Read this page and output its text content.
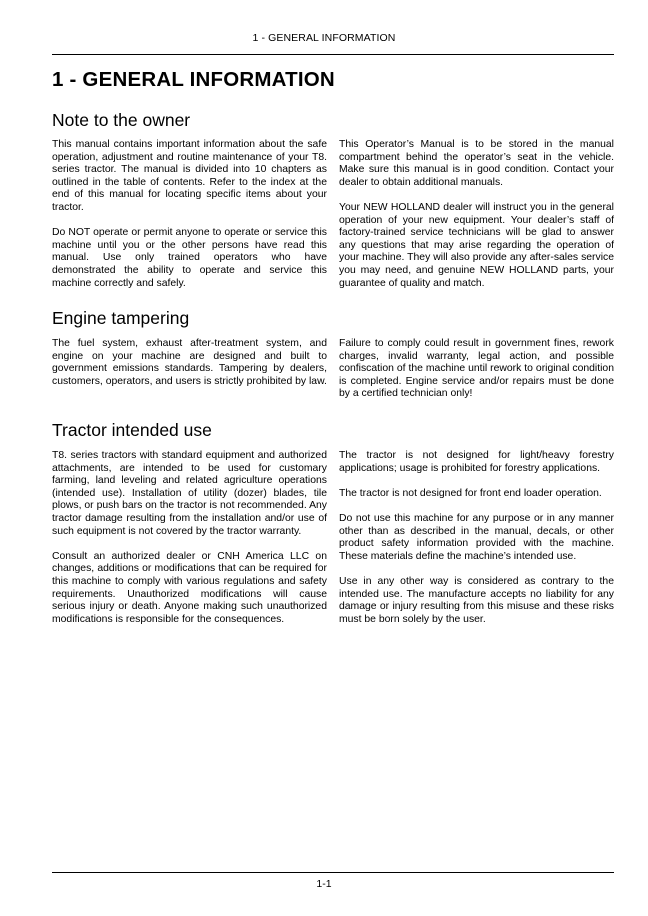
1 - GENERAL INFORMATION
1 - GENERAL INFORMATION
Note to the owner

This manual contains important information about the safe operation, adjustment and routine maintenance of your T8. series tractor. The manual is divided into 10 chapters as outlined in the table of contents. Refer to the index at the end of this manual for locating specific items about your tractor.

Do NOT operate or permit anyone to operate or service this machine until you or the other persons have read this manual. Use only trained operators who have demonstrated the ability to operate and service this machine correctly and safely.

This Operator’s Manual is to be stored in the manual compartment behind the operator’s seat in the vehicle. Make sure this manual is in good condition. Contact your dealer to obtain additional manuals.

Your NEW HOLLAND dealer will instruct you in the general operation of your new equipment. Your dealer’s staff of factory-trained service technicians will be glad to answer any questions that may arise regarding the operation of your machine. They will also provide any after-sales service you may need, and genuine NEW HOLLAND parts, your guarantee of quality and match.

Engine tampering

The fuel system, exhaust after-treatment system, and engine on your machine are designed and built to government emissions standards. Tampering by dealers, customers, operators, and users is strictly prohibited by law.

Failure to comply could result in government fines, rework charges, invalid warranty, legal action, and possible confiscation of the machine until rework to original condition is completed. Engine service and/or repairs must be done by a certified technician only!

Tractor intended use

T8. series tractors with standard equipment and authorized attachments, are intended to be used for customary farming, land leveling and related agriculture operations (intended use). Installation of utility (dozer) blades, tile plows, or push bars on the tractor is not recommended. Any tractor damage resulting from the installation and/or use of such equipment is not covered by the tractor warranty.

Consult an authorized dealer or CNH America LLC on changes, additions or modifications that can be required for this machine to comply with various regulations and safety requirements. Unauthorized modifications will cause serious injury or death. Anyone making such unauthorized modifications is responsible for the consequences.

The tractor is not designed for light/heavy forestry applications; usage is prohibited for forestry applications.

The tractor is not designed for front end loader operation.

Do not use this machine for any purpose or in any manner other than as described in the manual, decals, or other product safety information provided with the machine. These materials define the machine’s intended use.

Use in any other way is considered as contrary to the intended use. The manufacture accepts no liability for any damage or injury resulting from this misuse and these risks must be born solely by the user.

1-1
